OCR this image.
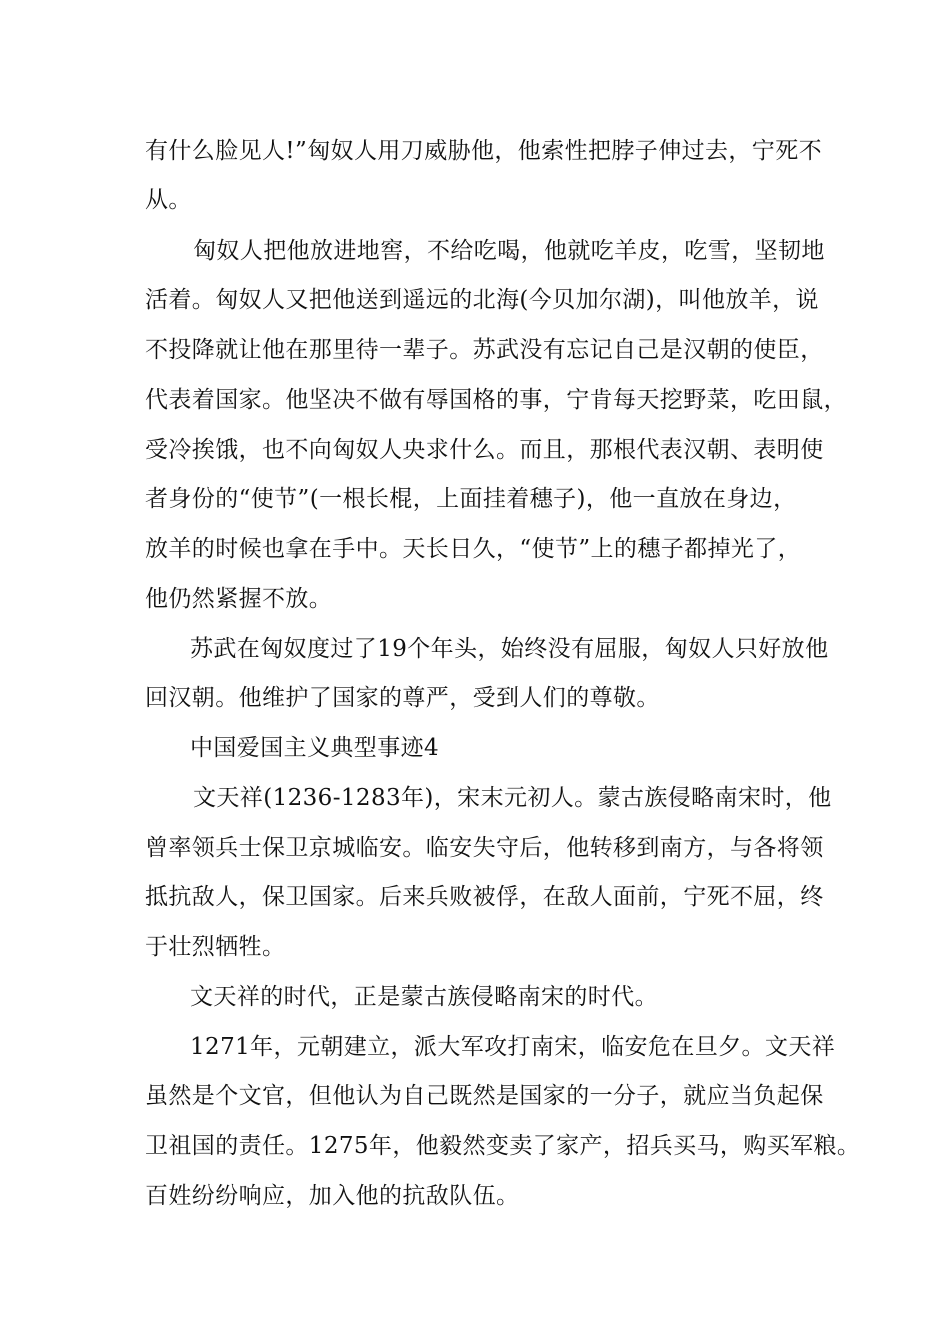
有什么脸见人!”匈奴人用刀威胁他，他索性把脖子伸过去，宁死不
从。
匈奴人把他放进地窖，不给吃喝，他就吃羊皮，吃雪，坚韧地
活着。匈奴人又把他送到遥远的北海(今贝加尔湖)，叫他放羊，说
不投降就让他在那里待一辈子。苏武没有忘记自己是汉朝的使臣，
代表着国家。他坚决不做有辱国格的事，宁肯每天挖野菜，吃田鼠，
受冷挨饿，也不向匈奴人央求什么。而且，那根代表汉朝、表明使
者身份的“使节”(一根长棍，上面挂着穗子)，他一直放在身边，
放羊的时候也拿在手中。天长日久，“使节”上的穗子都掉光了，
他仍然紧握不放。
苏武在匈奴度过了19个年头，始终没有屈服，匈奴人只好放他
回汉朝。他维护了国家的尊严，受到人们的尊敬。
中国爱国主义典型事迹4
文天祥(1236-1283年)，宋末元初人。蒙古族侵略南宋时，他
曾率领兵士保卫京城临安。临安失守后，他转移到南方，与各将领
抵抗敌人，保卫国家。后来兵败被俘，在敌人面前，宁死不屈，终
于壮烈牺牲。
文天祥的时代，正是蒙古族侵略南宋的时代。
1271年，元朝建立，派大军攻打南宋，临安危在旦夕。文天祥
虽然是个文官，但他认为自己既然是国家的一分子，就应当负起保
卫祖国的责任。1275年，他毅然变卖了家产，招兵买马，购买军粮。
百姓纷纷响应，加入他的抗敌队伍。
